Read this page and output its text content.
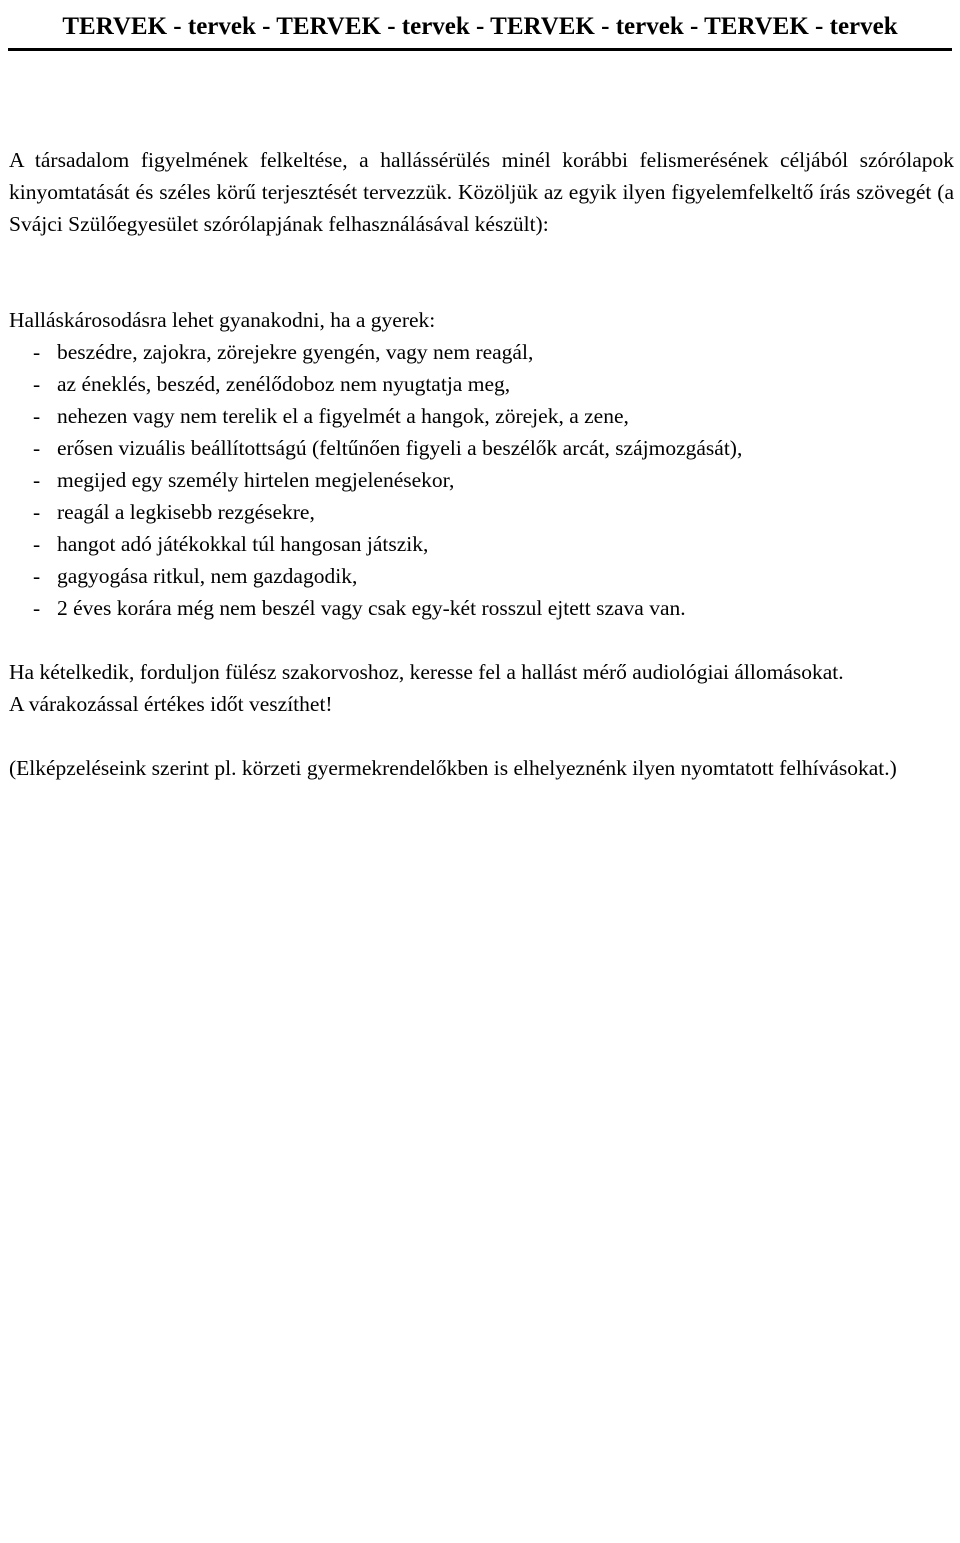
TERVEK - tervek - TERVEK - tervek - TERVEK - tervek - TERVEK - tervek

A társadalom figyelmének felkeltése, a hallássérülés minél korábbi felismerésének céljából szórólapok kinyomtatását és széles körű terjesztését tervezzük. Közöljük az egyik ilyen figyelemfelkeltő írás szövegét (a Svájci Szülőegyesület szórólapjának felhasználásával készült):

Halláskárosodásra lehet gyanakodni, ha a gyerek:

- beszédre, zajokra, zörejekre gyengén, vagy nem reagál,
- az éneklés, beszéd, zenélődoboz nem nyugtatja meg,
- nehezen vagy nem terelik el a figyelmét a hangok, zörejek, a zene,
- erősen vizuális beállítottságú (feltűnően figyeli a beszélők arcát, szájmozgását),
- megijed egy személy hirtelen megjelenésekor,
- reagál a legkisebb rezgésekre,
- hangot adó játékokkal túl hangosan játszik,
- gagyogása ritkul, nem gazdagodik,
- 2 éves korára még nem beszél vagy csak egy-két rosszul ejtett szava van.

Ha kételkedik, forduljon fülész szakorvoshoz, keresse fel a hallást mérő audiológiai állomásokat.

A várakozással értékes időt veszíthet!

(Elképzeléseink szerint pl. körzeti gyermekrendelőkben is elhelyeznénk ilyen nyomtatott felhívásokat.)
